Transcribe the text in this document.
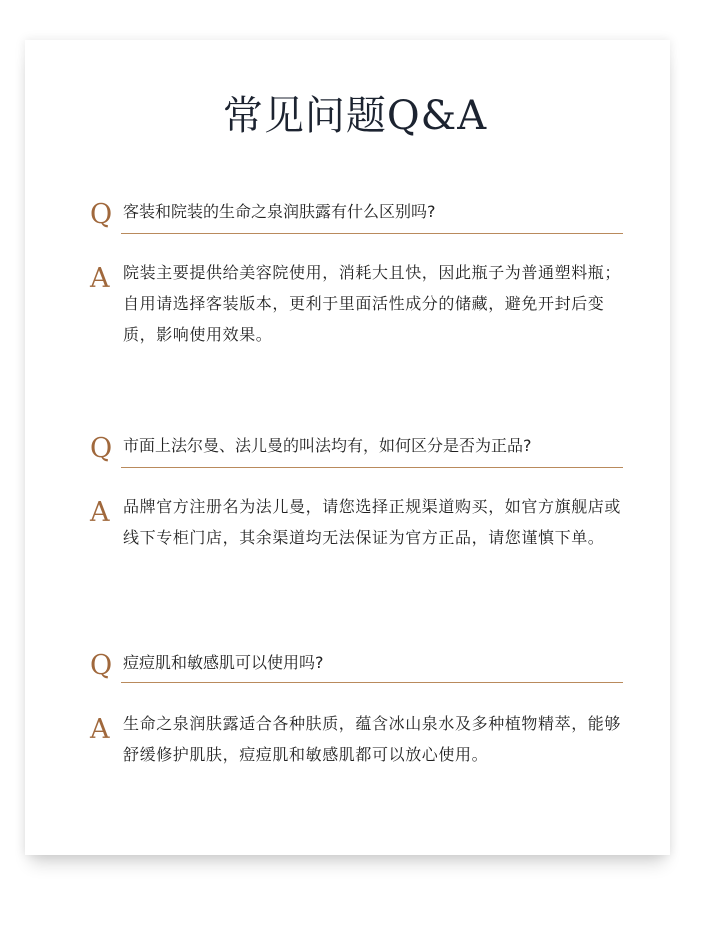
常见问题Q&A
Q 客装和院装的生命之泉润肤露有什么区别吗?
A 院装主要提供给美容院使用，消耗大且快，因此瓶子为普通塑料瓶；自用请选择客装版本，更利于里面活性成分的储藏，避免开封后变质，影响使用效果。
Q 市面上法尔曼、法儿曼的叫法均有，如何区分是否为正品?
A 品牌官方注册名为法儿曼，请您选择正规渠道购买，如官方旗舰店或线下专柜门店，其余渠道均无法保证为官方正品，请您谨慎下单。
Q 痘痘肌和敏感肌可以使用吗?
A 生命之泉润肤露适合各种肤质，蕴含冰山泉水及多种植物精萃，能够舒缓修护肌肤，痘痘肌和敏感肌都可以放心使用。
